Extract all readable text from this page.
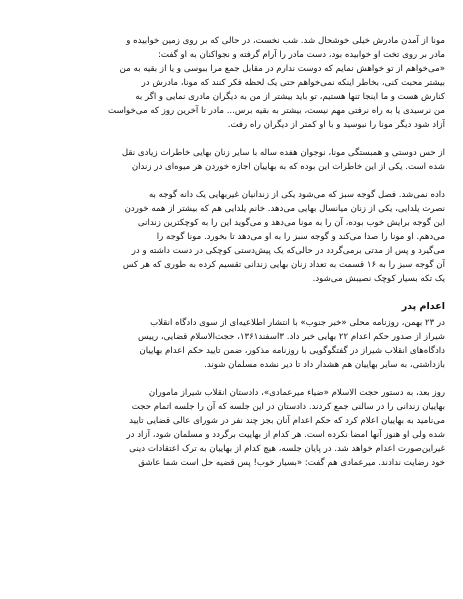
مونا از آمدن مادرش خیلی خوشحال شد. شب نخست، در حالی که بر روی زمین خوابیده و
مادر بر روی تخت او خوابیده بود، دست مادر را آرام گرفته و نجواکنان به او گفت:
«می‌خواهم از تو خواهش نمایم که دوست ندارم در مقابل جمع مرا ببوسی و یا از بقیه به من
بیشتر محبت کنی، بخاطر اینکه نمی‌خواهم حتی یک لحظه فکر کنند که مونا، مادرش در
کنارش هست و ما اینجا تنها هستیم، تو باید بیشتر از من به دیگران مادری نمایی و اگر به
من نرسیدی یا به راه نرفتی مهم نیست، بیشتر به بقیه برس... مادر تا آخرین روز که می‌خواست
آزاد شود دیگر مونا را نبوسید و با او کمتر از دیگران راه رفت.

از حس دوستی و همبستگی مونا، نوجوان هفده ساله با سایر زنان بهایی خاطرات زیادی نقل
شده است. یکی از این خاطرات این بوده که به بهاییان اجازه خوردن هر میوه‌ای در زندان

داده نمی‌شد. فصل گوجه سبز که می‌شود یکی از زندانیان غیربهایی یک دانه گوجه به
نصرت یلدایی، یکی از زنان میانسال بهایی می‌دهد. خانم یلدایی هم که بیشتر از همه خوردن
این گوجه برایش خوب بوده، آن را به مونا می‌دهد و می‌گوید این را به کوچکترین زندانی
می‌دهم. او مونا را صدا می‌کند و گوجه سبز را به او می‌دهد تا بخورد. مونا گوجه را
می‌گیرد و پس از مدتی برمی‌گردد در حالی‌که یک پیش‌دستی کوچکی در دست داشته و در
آن گوجه سبز را به ۱۶ قسمت به تعداد زنان بهایی زندانی تقسیم کرده به طوری که هر کس
یک تکه بسیار کوچک نصیبش می‌شود.

اعدام پدر

در ۲۳ بهمن، روزنامه محلی «خبر جنوب» با انتشار اطلاعیه‌ای از سوی دادگاه انقلاب
شیراز از صدور حکم اعدام ۲۲ بهایی خبر داد. ۳اسفند۱۳۶۱، حجت‌الاسلام قضایی، رییس
دادگاه‌های انقلاب شیراز در گفتگوگویی با روزنامه مذکور، ضمن تایید حکم اعدام بهاییان
بازداشتی، به سایر بهاییان هم هشدار داد تا دیر نشده مسلمان شوند.

روز بعد، به دستور حجت الاسلام «ضیاء میرعمادی»، دادستان انقلاب شیراز ماموران
بهاییان زندانی را در سالنی جمع کردند. دادستان در این جلسه که آن را جلسه اتمام حجت
می‌نامید به بهاییان اعلام کرد که حکم اعدام آنان بجز چند نفر در شورای عالی قضایی تایید
شده ولی او هنوز آنها امضا نکرده است. هر کدام از بهاییت برگردد و مسلمان شود، آزاد در
غیراین‌صورت اعدام خواهد شد. در پایان جلسه، هیچ کدام از بهاییان به ترک اعتقادات دینی
خود رضایت ندادند. میرعمادی هم گفت: «بسیار خوب! پس قضیه حل است شما عاشق
